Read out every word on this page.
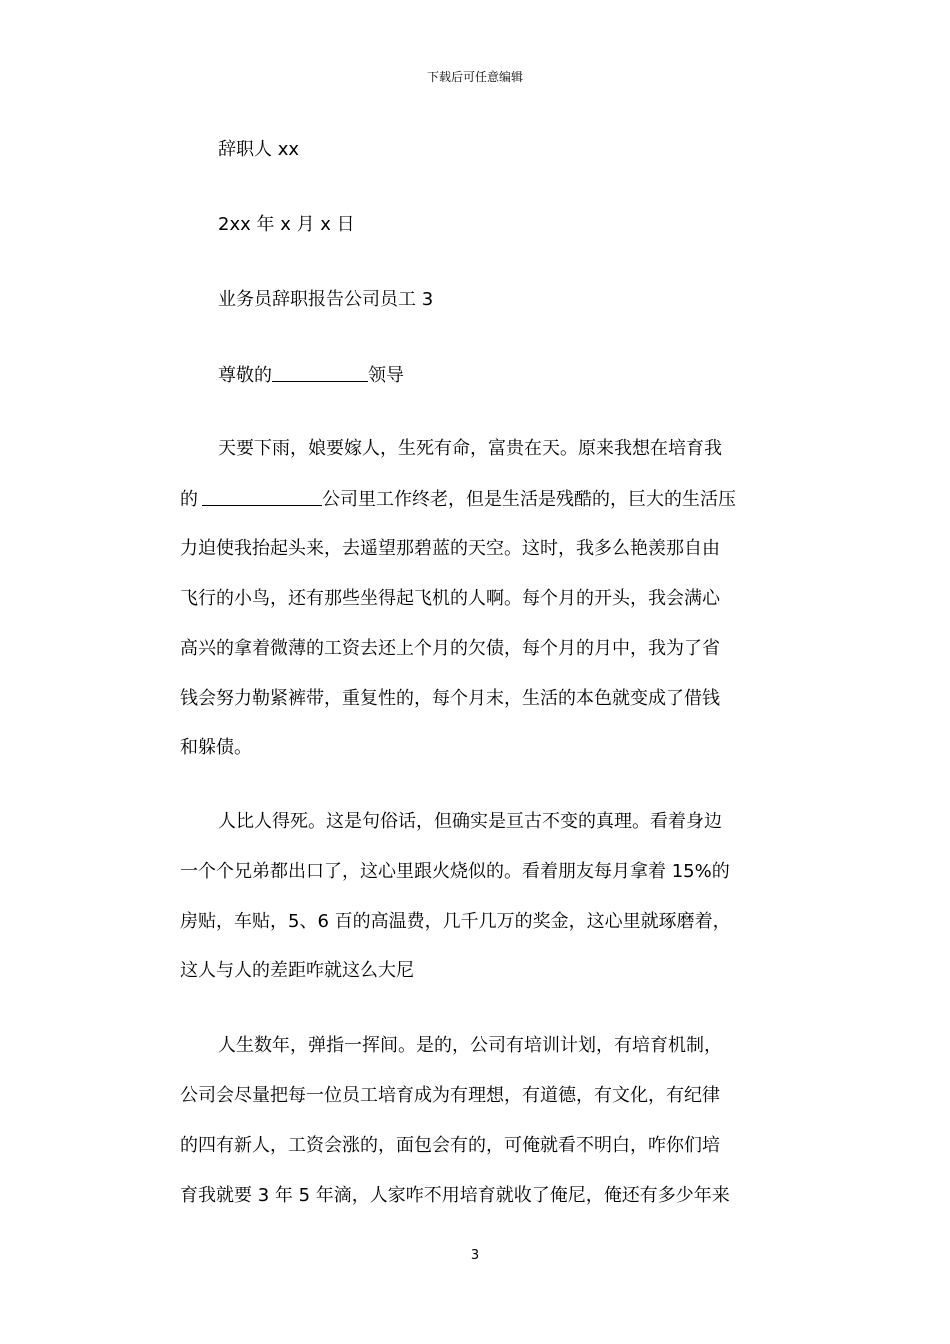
下载后可任意编辑
辞职人 xx
2xx 年 x 月 x 日
业务员辞职报告公司员工 3
尊敬的	领导
天要下雨，娘要嫁人，生死有命，富贵在天。原来我想在培育我
的	公司里工作终老，但是生活是残酷的，巨大的生活压
力迫使我抬起头来，去遥望那碧蓝的天空。这时，我多么艳羡那自由
飞行的小鸟，还有那些坐得起飞机的人啊。每个月的开头，我会满心
高兴的拿着微薄的工资去还上个月的欠债，每个月的月中，我为了省
钱会努力勒紧裤带，重复性的，每个月末，生活的本色就变成了借钱
和躲债。
人比人得死。这是句俗话，但确实是亘古不变的真理。看着身边
一个个兄弟都出口了，这心里跟火烧似的。看着朋友每月拿着 15%的
房贴，车贴，5、6 百的高温费，几千几万的奖金，这心里就琢磨着，
这人与人的差距咋就这么大尼
人生数年，弹指一挥间。是的，公司有培训计划，有培育机制，
公司会尽量把每一位员工培育成为有理想，有道德，有文化，有纪律
的四有新人，工资会涨的，面包会有的，可俺就看不明白，咋你们培
育我就要 3 年 5 年滴，人家咋不用培育就收了俺尼，俺还有多少年来
3
